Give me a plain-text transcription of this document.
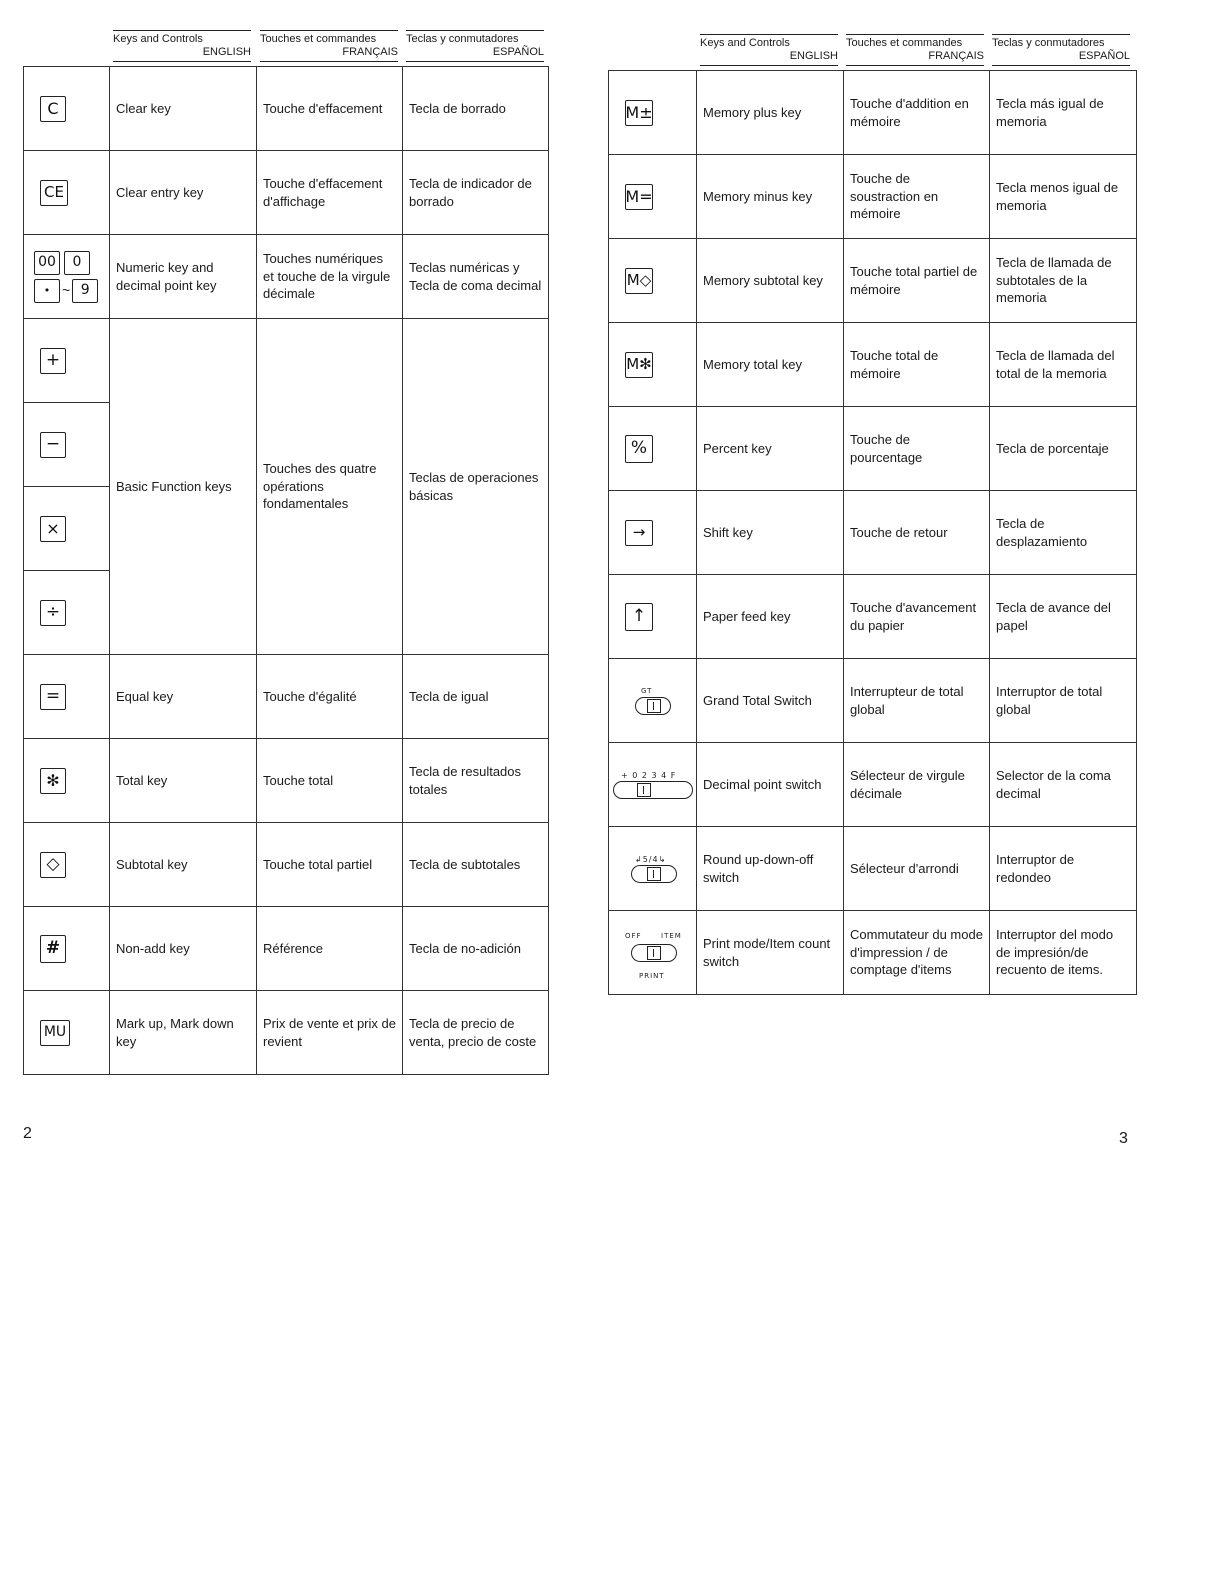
Keys and Controls
ENGLISH
Touches et commandes
FRANÇAIS
Teclas y conmutadores
ESPAÑOL
C	Clear key	Touche d'effacement	Tecla de borrado

CE	Clear entry key	Touche d'effacement d'affichage	Tecla de indicador de borrado

00 0
• ~ 9	Numeric key and decimal point key	Touches numériques et touche de la virgule décimale	Teclas numéricas y Tecla de coma decimal

+	Basic Function keys	Touches des quatre opérations fondamentales	Teclas de operaciones básicas

−			

×			

÷			

=	Equal key	Touche d'égalité	Tecla de igual

✻	Total key	Touche total	Tecla de resultados totales

◇	Subtotal key	Touche total partiel	Tecla de subtotales

#	Non-add key	Référence	Tecla de no-adición

MU	Mark up, Mark down key	Prix de vente et prix de revient	Tecla de precio de venta, precio de coste
Keys and Controls
ENGLISH
Touches et commandes
FRANÇAIS
Teclas y conmutadores
ESPAÑOL
M±	Memory plus key	Touche d'addition en mémoire	Tecla más igual de memoria

M=	Memory minus key	Touche de soustraction en mémoire	Tecla menos igual de memoria

M◇	Memory subtotal key	Touche total partiel de mémoire	Tecla de llamada de subtotales de la memoria

M✻	Memory total key	Touche total de mémoire	Tecla de llamada del total de la memoria

%	Percent key	Touche de pourcentage	Tecla de porcentaje

→	Shift key	Touche de retour	Tecla de desplazamiento

↑	Paper feed key	Touche d'avancement du papier	Tecla de avance del papel

GT	Grand Total Switch	Interrupteur de total global	Interruptor de total global

+ 0 2 3 4 F	Decimal point switch	Sélecteur de virgule décimale	Selector de la coma decimal

↲5/4↳	Round up-down-off switch	Sélecteur d'arrondi	Interruptor de redondeo

OFF ITEM
PRINT	Print mode/Item count switch	Commutateur du mode d'impression / de comptage d'items	Interruptor del modo de impresión/de recuento de items.
2	3
